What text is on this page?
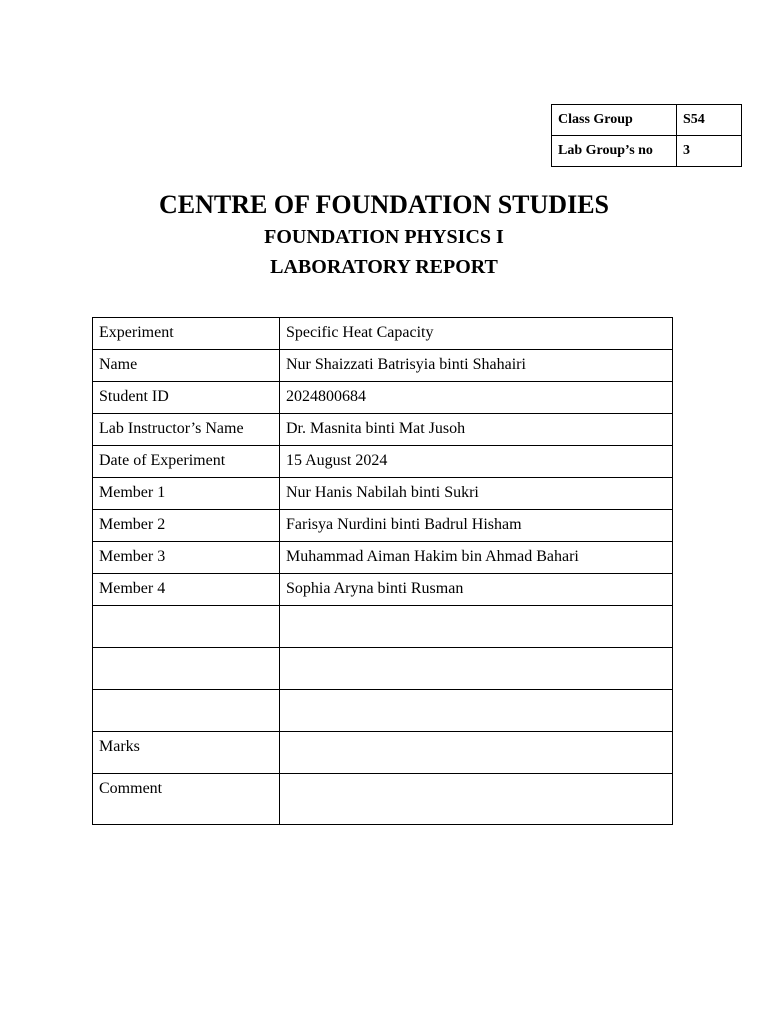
Class Group	S54
Lab Group’s no	3
CENTRE OF FOUNDATION STUDIES
FOUNDATION PHYSICS I
LABORATORY REPORT
Experiment	Specific Heat Capacity
Name	Nur Shaizzati Batrisyia binti Shahairi
Student ID	2024800684
Lab Instructor’s Name	Dr. Masnita binti Mat Jusoh
Date of Experiment	15 August 2024
Member 1	Nur Hanis Nabilah binti Sukri
Member 2	Farisya Nurdini binti Badrul Hisham
Member 3	Muhammad Aiman Hakim bin Ahmad Bahari
Member 4	Sophia Aryna binti Rusman

Marks	
Comment	
